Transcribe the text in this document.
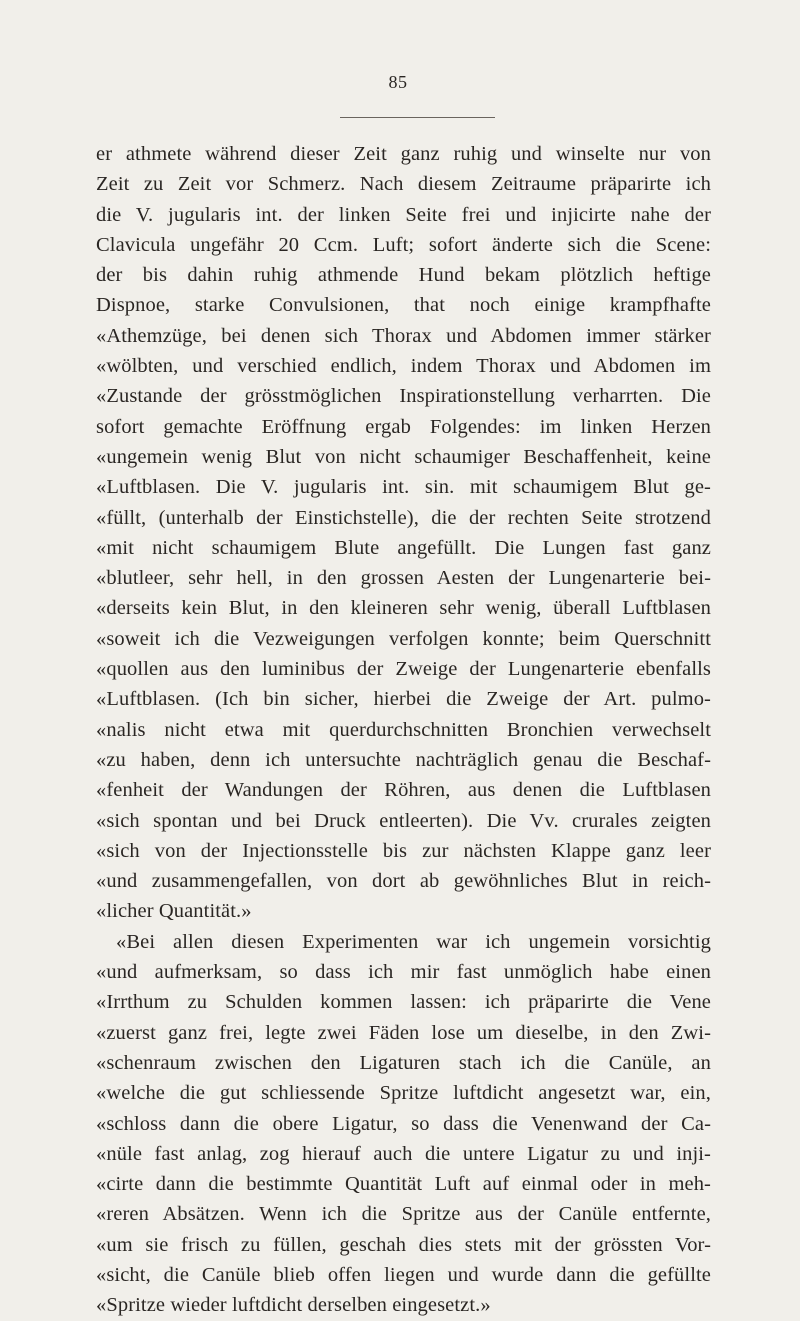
85
er athmete während dieser Zeit ganz ruhig und winselte nur von
Zeit zu Zeit vor Schmerz. Nach diesem Zeitraume präparirte ich
die V. jugularis int. der linken Seite frei und injicirte nahe der
Clavicula ungefähr 20 Ccm. Luft; sofort änderte sich die Scene:
der bis dahin ruhig athmende Hund bekam plötzlich heftige
Dispnoe, starke Convulsionen, that noch einige krampfhafte
«Athemzüge, bei denen sich Thorax und Abdomen immer stärker
«wölbten, und verschied endlich, indem Thorax und Abdomen im
«Zustande der grösstmöglichen Inspirationstellung verharrten. Die
sofort gemachte Eröffnung ergab Folgendes: im linken Herzen
«ungemein wenig Blut von nicht schaumiger Beschaffenheit, keine
«Luftblasen. Die V. jugularis int. sin. mit schaumigem Blut ge-
«füllt, (unterhalb der Einstichstelle), die der rechten Seite strotzend
«mit nicht schaumigem Blute angefüllt. Die Lungen fast ganz
«blutleer, sehr hell, in den grossen Aesten der Lungenarterie bei-
«derseits kein Blut, in den kleineren sehr wenig, überall Luftblasen
«soweit ich die Vezweigungen verfolgen konnte; beim Querschnitt
«quollen aus den luminibus der Zweige der Lungenarterie ebenfalls
«Luftblasen. (Ich bin sicher, hierbei die Zweige der Art. pulmo-
«nalis nicht etwa mit querdurchschnitten Bronchien verwechselt
«zu haben, denn ich untersuchte nachträglich genau die Beschaf-
«fenheit der Wandungen der Röhren, aus denen die Luftblasen
«sich spontan und bei Druck entleerten). Die Vv. crurales zeigten
«sich von der Injectionsstelle bis zur nächsten Klappe ganz leer
«und zusammengefallen, von dort ab gewöhnliches Blut in reich-
«licher Quantität.»
«Bei allen diesen Experimenten war ich ungemein vorsichtig
«und aufmerksam, so dass ich mir fast unmöglich habe einen
«Irrthum zu Schulden kommen lassen: ich präparirte die Vene
«zuerst ganz frei, legte zwei Fäden lose um dieselbe, in den Zwi-
«schenraum zwischen den Ligaturen stach ich die Canüle, an
«welche die gut schliessende Spritze luftdicht angesetzt war, ein,
«schloss dann die obere Ligatur, so dass die Venenwand der Ca-
«nüle fast anlag, zog hierauf auch die untere Ligatur zu und inji-
«cirte dann die bestimmte Quantität Luft auf einmal oder in meh-
«reren Absätzen. Wenn ich die Spritze aus der Canüle entfernte,
«um sie frisch zu füllen, geschah dies stets mit der grössten Vor-
«sicht, die Canüle blieb offen liegen und wurde dann die gefüllte
«Spritze wieder luftdicht derselben eingesetzt.»
